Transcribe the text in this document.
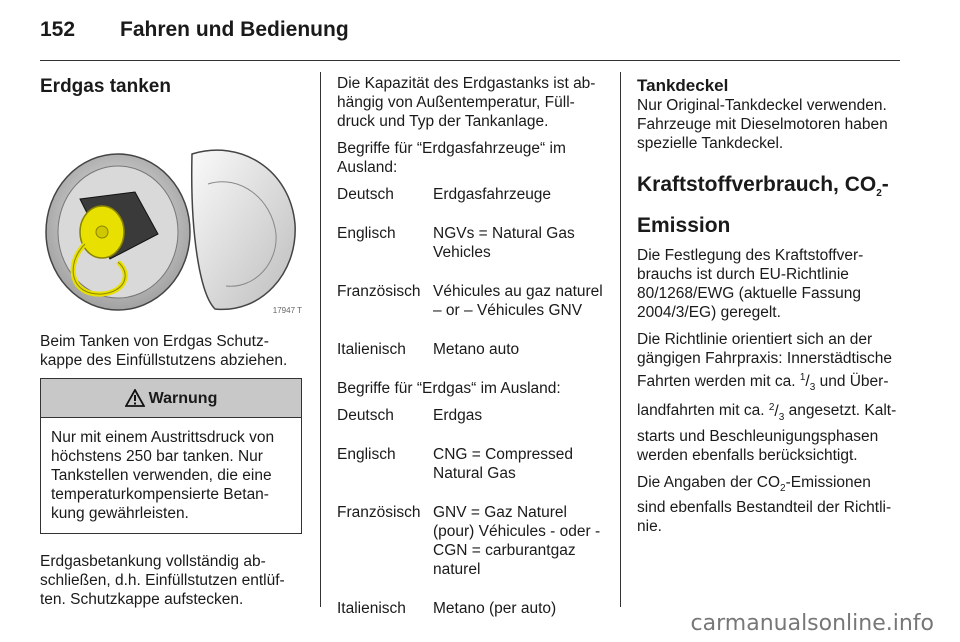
152 Fahren und Bedienung
Erdgas tanken
17947 T

Beim Tanken von Erdgas Schutz-kappe des Einfüllstutzens abziehen.

Warnung
Nur mit einem Austrittsdruck von höchstens 250 bar tanken. Nur Tankstellen verwenden, die eine temperaturkompensierte Betan-kung gewährleisten.

Erdgasbetankung vollständig ab-schließen, d.h. Einfüllstutzen entlüf-ten. Schutzkappe aufstecken.

Die Kapazität des Erdgastanks ist ab-hängig von Außentemperatur, Füll-druck und Typ der Tankanlage.

Begriffe für “Erdgasfahrzeuge“ im Ausland:

Deutsch	Erdgasfahrzeuge
Englisch	NGVs = Natural Gas Vehicles
Französisch	Véhicules au gaz naturel – or – Véhicules GNV
Italienisch	Metano auto

Begriffe für “Erdgas“ im Ausland:

Deutsch	Erdgas
Englisch	CNG = Compressed Natural Gas
Französisch	GNV = Gaz Naturel (pour) Véhicules - oder -
	CGN = carburantgaz naturel
Italienisch	Metano (per auto)
Tankdeckel

Nur Original-Tankdeckel verwenden. Fahrzeuge mit Dieselmotoren haben spezielle Tankdeckel.

Kraftstoffverbrauch, $CO_2$-Emission

Die Festlegung des Kraftstoffver-brauchs ist durch EU-Richtlinie 80/1268/EWG (aktuelle Fassung 2004/3/EG) geregelt.

Die Richtlinie orientiert sich an der gängigen Fahrpraxis: Innerstädtische Fahrten werden mit ca. $^1/_3$ und Über-landfahrten mit ca. $^2/_3$ angesetzt. Kalt-starts und Beschleunigungsphasen werden ebenfalls berücksichtigt.

Die Angaben der $CO_2$-Emissionen sind ebenfalls Bestandteil der Richtli-nie.

carmanualsonline.info
